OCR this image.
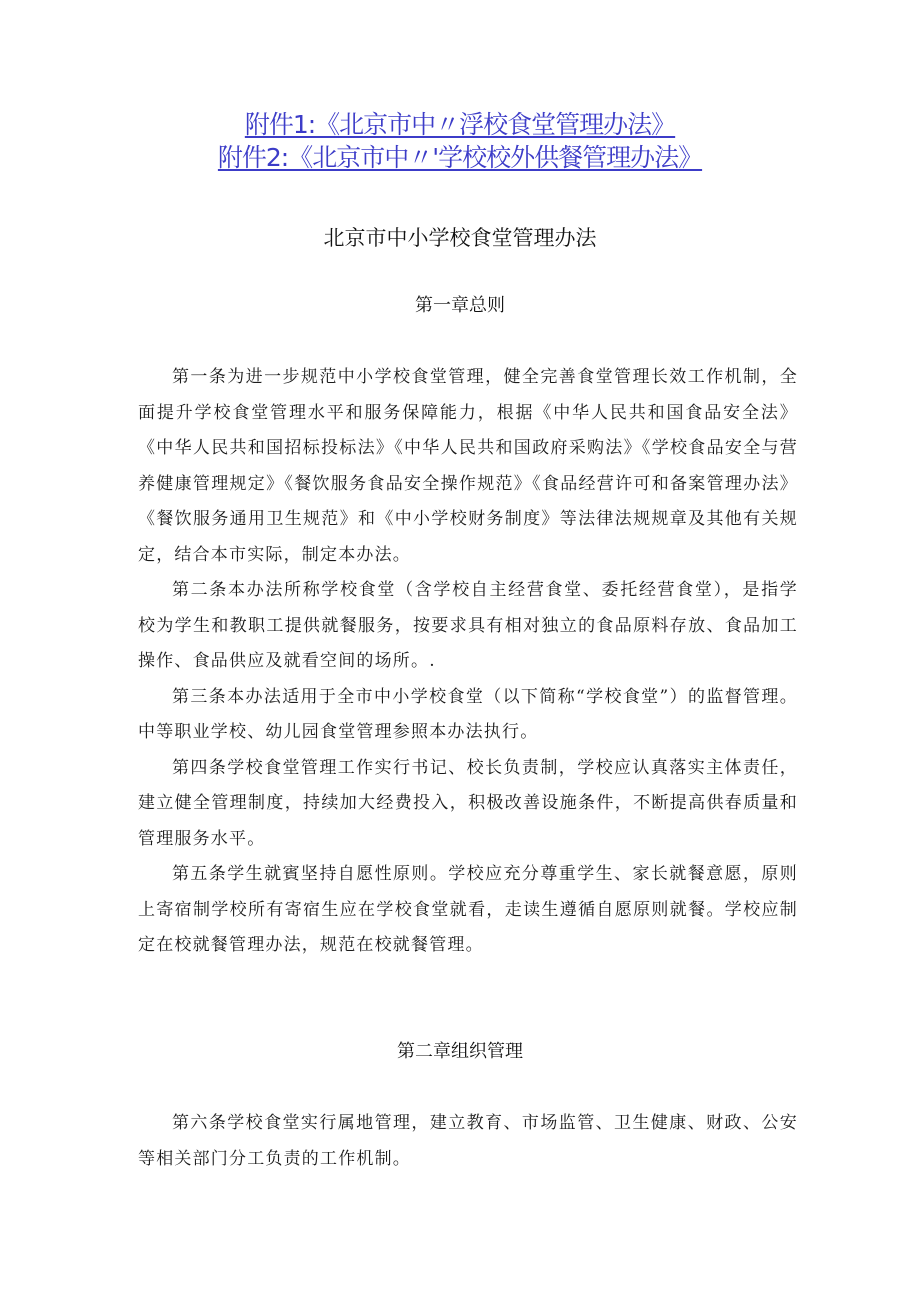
附件1:《北京市中〃浮校食堂管理办法》
附件2:《北京市中〃'学校校外供餐管理办法》
北京市中小学校食堂管理办法
第一章总则

第一条为进一步规范中小学校食堂管理，健全完善食堂管理长效工作机制，全面提升学校食堂管理水平和服务保障能力，根据《中华人民共和国食品安全法》《中华人民共和国招标投标法》《中华人民共和国政府采购法》《学校食品安全与营养健康管理规定》《餐饮服务食品安全操作规范》《食品经营许可和备案管理办法》《餐饮服务通用卫生规范》和《中小学校财务制度》等法律法规规章及其他有关规定，结合本市实际，制定本办法。

第二条本办法所称学校食堂（含学校自主经营食堂、委托经营食堂），是指学校为学生和教职工提供就餐服务，按要求具有相对独立的食品原料存放、食品加工操作、食品供应及就看空间的场所。.

第三条本办法适用于全市中小学校食堂（以下简称“学校食堂”）的监督管理。中等职业学校、幼儿园食堂管理参照本办法执行。

第四条学校食堂管理工作实行书记、校长负责制，学校应认真落实主体责任，建立健全管理制度，持续加大经费投入，积极改善设施条件，不断提高供春质量和管理服务水平。

第五条学生就賓坚持自愿性原则。学校应充分尊重学生、家长就餐意愿，原则上寄宿制学校所有寄宿生应在学校食堂就看，走读生遵循自愿原则就餐。学校应制定在校就餐管理办法，规范在校就餐管理。

第二章组织管理

第六条学校食堂实行属地管理，建立教育、市场监管、卫生健康、财政、公安等相关部门分工负责的工作机制。
